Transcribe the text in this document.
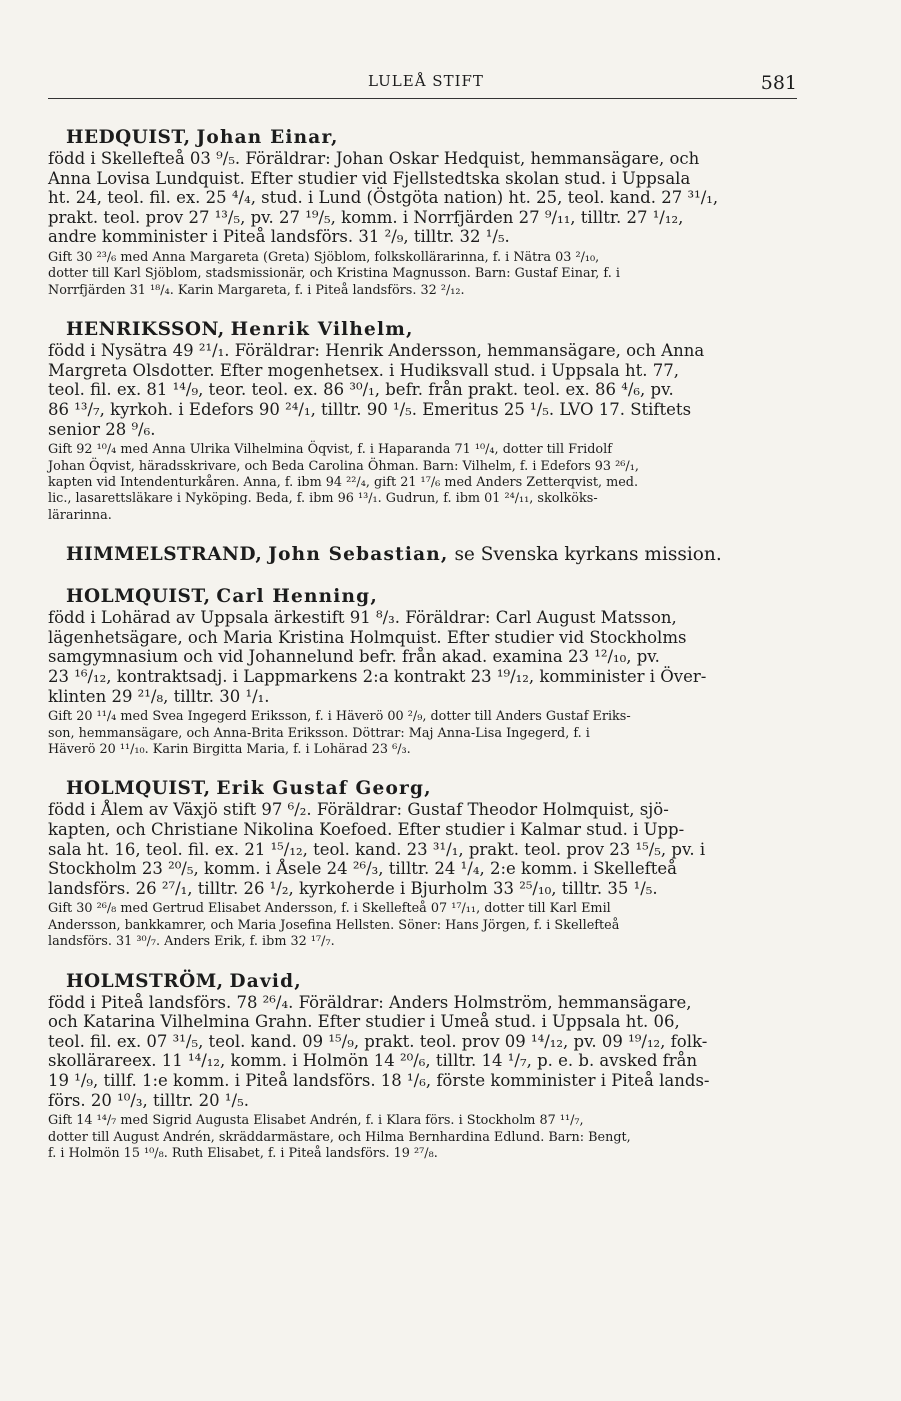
LULEÅ STIFT	581
HEDQUIST, Johan Einar,
född i Skellefteå 03 ⁹/₅. Föräldrar: Johan Oskar Hedquist, hemmansägare, och
Anna Lovisa Lundquist. Efter studier vid Fjellstedtska skolan stud. i Uppsala
ht. 24, teol. fil. ex. 25 ⁴/₄, stud. i Lund (Östgöta nation) ht. 25, teol. kand. 27 ³¹/₁,
prakt. teol. prov 27 ¹³/₅, pv. 27 ¹⁹/₅, komm. i Norrfjärden 27 ⁹/₁₁, tilltr. 27 ¹/₁₂,
andre komminister i Piteå landsförs. 31 ²/₉, tilltr. 32 ¹/₅.
Gift 30 ²³/₆ med Anna Margareta (Greta) Sjöblom, folkskollärarinna, f. i Nätra 03 ²/₁₀,
dotter till Karl Sjöblom, stadsmissionär, och Kristina Magnusson. Barn: Gustaf Einar, f. i
Norrfjärden 31 ¹⁸/₄. Karin Margareta, f. i Piteå landsförs. 32 ²/₁₂.
HENRIKSSON, Henrik Vilhelm,
född i Nysätra 49 ²¹/₁. Föräldrar: Henrik Andersson, hemmansägare, och Anna
Margreta Olsdotter. Efter mogenhetsex. i Hudiksvall stud. i Uppsala ht. 77,
teol. fil. ex. 81 ¹⁴/₉, teor. teol. ex. 86 ³⁰/₁, befr. från prakt. teol. ex. 86 ⁴/₆, pv.
86 ¹³/₇, kyrkoh. i Edefors 90 ²⁴/₁, tilltr. 90 ¹/₅. Emeritus 25 ¹/₅. LVO 17. Stiftets
senior 28 ⁹/₆.
Gift 92 ¹⁰/₄ med Anna Ulrika Vilhelmina Öqvist, f. i Haparanda 71 ¹⁰/₄, dotter till Fridolf
Johan Öqvist, häradsskrivare, och Beda Carolina Öhman. Barn: Vilhelm, f. i Edefors 93 ²⁶/₁,
kapten vid Intendenturkåren. Anna, f. ibm 94 ²²/₄, gift 21 ¹⁷/₆ med Anders Zetterqvist, med.
lic., lasarettsläkare i Nyköping. Beda, f. ibm 96 ¹³/₁. Gudrun, f. ibm 01 ²⁴/₁₁, skolköks-
lärarinna.
HIMMELSTRAND, John Sebastian, se Svenska kyrkans mission.
HOLMQUIST, Carl Henning,
född i Lohärad av Uppsala ärkestift 91 ⁸/₃. Föräldrar: Carl August Matsson,
lägenhetsägare, och Maria Kristina Holmquist. Efter studier vid Stockholms
samgymnasium och vid Johannelund befr. från akad. examina 23 ¹²/₁₀, pv.
23 ¹⁶/₁₂, kontraktsadj. i Lappmarkens 2:a kontrakt 23 ¹⁹/₁₂, komminister i Över-
klinten 29 ²¹/₈, tilltr. 30 ¹/₁.
Gift 20 ¹¹/₄ med Svea Ingegerd Eriksson, f. i Häverö 00 ²/₉, dotter till Anders Gustaf Eriks-
son, hemmansägare, och Anna-Brita Eriksson. Döttrar: Maj Anna-Lisa Ingegerd, f. i
Häverö 20 ¹¹/₁₀. Karin Birgitta Maria, f. i Lohärad 23 ⁶/₃.
HOLMQUIST, Erik Gustaf Georg,
född i Ålem av Växjö stift 97 ⁶/₂. Föräldrar: Gustaf Theodor Holmquist, sjö-
kapten, och Christiane Nikolina Koefoed. Efter studier i Kalmar stud. i Upp-
sala ht. 16, teol. fil. ex. 21 ¹⁵/₁₂, teol. kand. 23 ³¹/₁, prakt. teol. prov 23 ¹⁵/₅, pv. i
Stockholm 23 ²⁰/₅, komm. i Åsele 24 ²⁶/₃, tilltr. 24 ¹/₄, 2:e komm. i Skellefteå
landsförs. 26 ²⁷/₁, tilltr. 26 ¹/₂, kyrkoherde i Bjurholm 33 ²⁵/₁₀, tilltr. 35 ¹/₅.
Gift 30 ²⁶/₈ med Gertrud Elisabet Andersson, f. i Skellefteå 07 ¹⁷/₁₁, dotter till Karl Emil
Andersson, bankkamrer, och Maria Josefina Hellsten. Söner: Hans Jörgen, f. i Skellefteå
landsförs. 31 ³⁰/₇. Anders Erik, f. ibm 32 ¹⁷/₇.
HOLMSTRÖM, David,
född i Piteå landsförs. 78 ²⁶/₄. Föräldrar: Anders Holmström, hemmansägare,
och Katarina Vilhelmina Grahn. Efter studier i Umeå stud. i Uppsala ht. 06,
teol. fil. ex. 07 ³¹/₅, teol. kand. 09 ¹⁵/₉, prakt. teol. prov 09 ¹⁴/₁₂, pv. 09 ¹⁹/₁₂, folk-
skollärareex. 11 ¹⁴/₁₂, komm. i Holmön 14 ²⁰/₆, tilltr. 14 ¹/₇, p. e. b. avsked från
19 ¹/₉, tillf. 1:e komm. i Piteå landsförs. 18 ¹/₆, förste komminister i Piteå lands-
förs. 20 ¹⁰/₃, tilltr. 20 ¹/₅.
Gift 14 ¹⁴/₇ med Sigrid Augusta Elisabet Andrén, f. i Klara förs. i Stockholm 87 ¹¹/₇,
dotter till August Andrén, skräddarmästare, och Hilma Bernhardina Edlund. Barn: Bengt,
f. i Holmön 15 ¹⁰/₈. Ruth Elisabet, f. i Piteå landsförs. 19 ²⁷/₈.
